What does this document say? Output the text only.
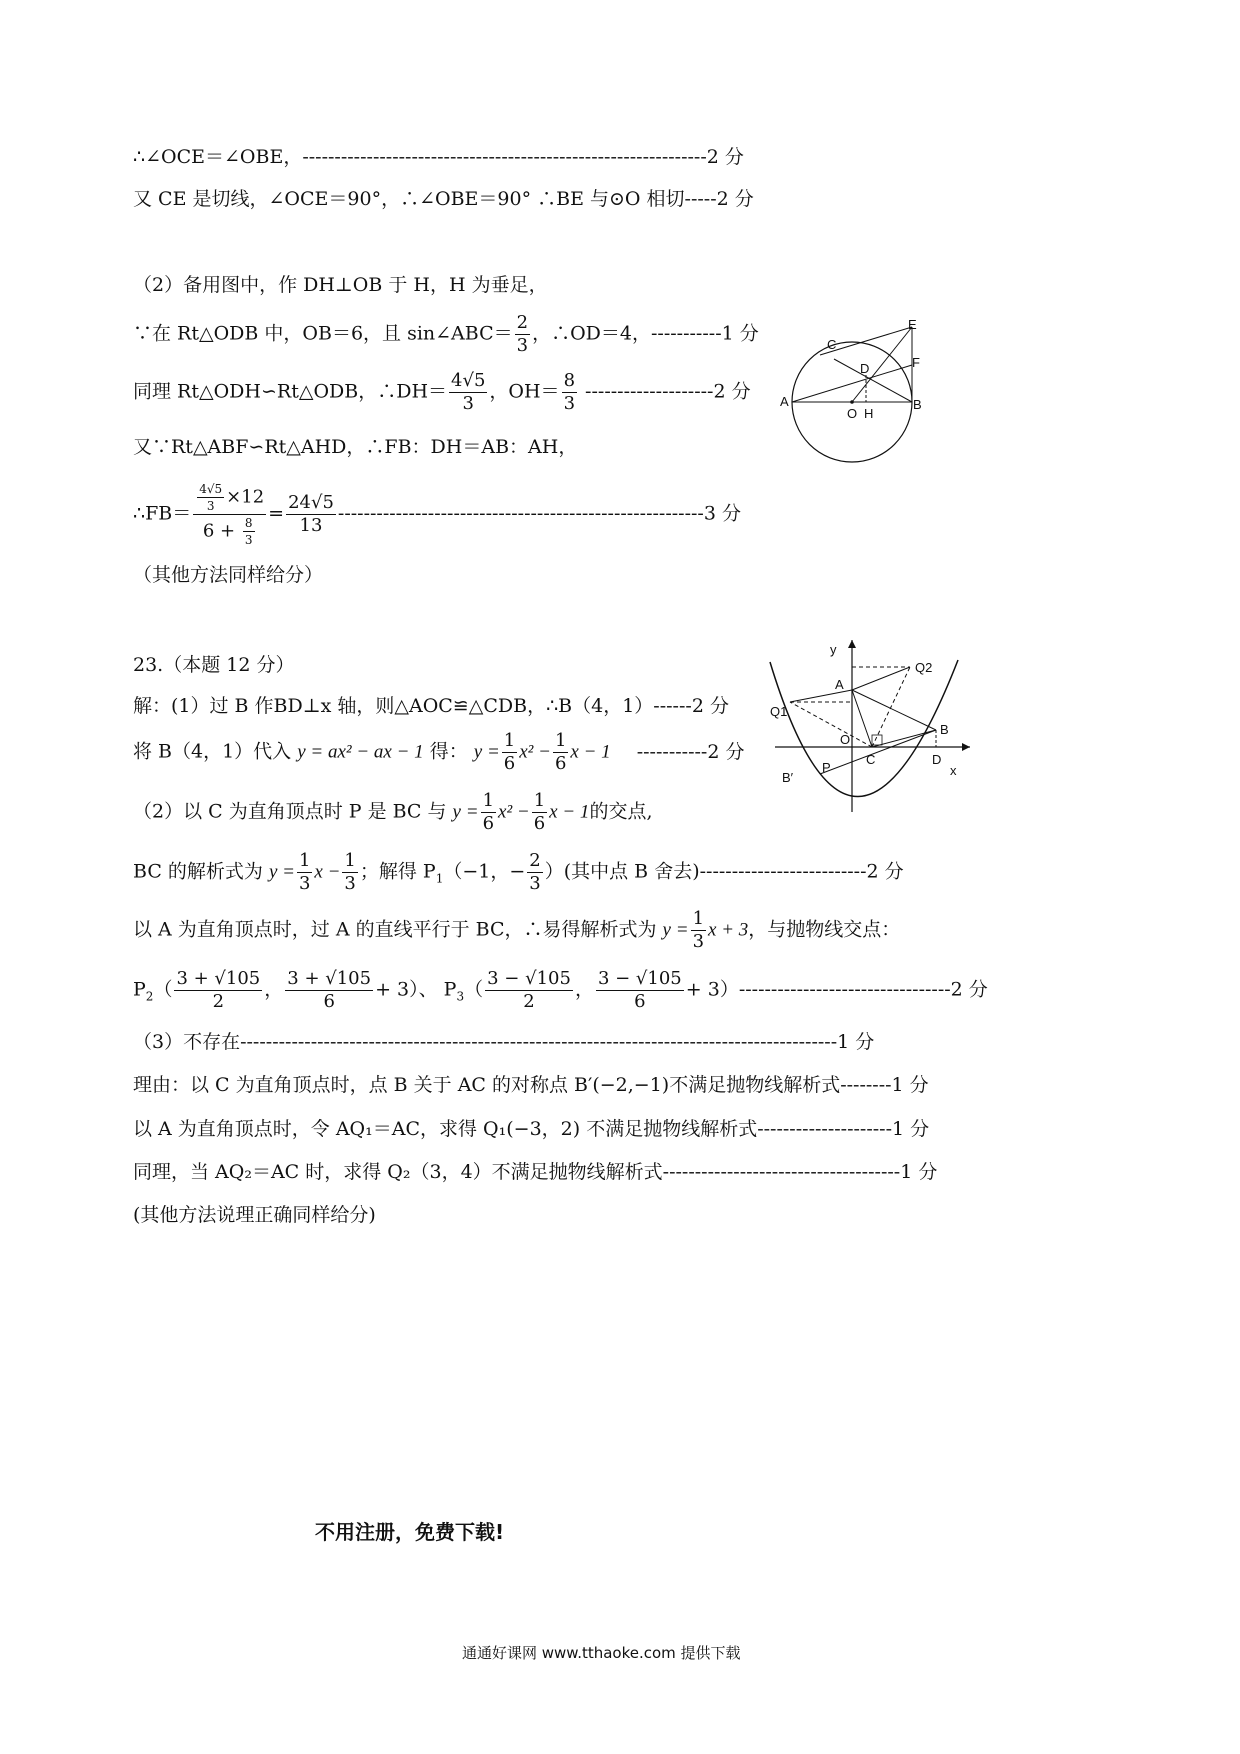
∴∠OCE＝∠OBE，---------------------------------------------------------------2 分
又 CE 是切线，∠OCE＝90°，∴∠OBE＝90° ∴BE 与⊙O 相切-----2 分
（2）备用图中，作 DH⊥OB 于 H，H 为垂足，
∵在 Rt△ODB 中，OB＝6，且 sin∠ABC＝ $\frac{2}{3}$ ，∴OD＝4，-----------1 分
同理 Rt△ODH∽Rt△ODB，∴DH＝ $\frac{4√5}{3}$ ，$OH= \frac{8}{3} --------------------2$ 分
又∵Rt△ABF∽Rt△AHD，∴FB：DH＝AB：AH，
∴FB＝ $\frac{\frac{4√5}{3} \times 12}{6 + \frac{8}{3}} = \frac{24√5}{13} ---------------------------------------------------------3$ 分
（其他方法同样给分）
E
C
D	F
A
O H
B
23.（本题 12 分）
解：(1）过 B 作BD⊥x 轴，则△AOC≌△CDB，∴B（4，1）------2 分
将 B（4，1）代入 y = ax² − ax − 1 得： $y = \frac{1}{6} x^2 - \frac{1}{6}$ x − 1 -----------2 分
（2）以 C 为直角顶点时 P 是 BC 与 $y = \frac{1}{6} x^2 - \frac{1}{6}$ x − 1的交点,
BC 的解析式为 $y = \frac{1}{3}$ $x - \frac{1}{3}$ ；解得 $P_1(-1$，− $\frac{2}{3}$ ）(其中点 B 舍去)--------------------------2 分
以 A 为直角顶点时，过 A 的直线平行于 BC，∴易得解析式为 $y = \frac{1}{3}$ x + 3，与抛物线交点：
$P_2( \frac{3 + √105}{2}$ ， $\frac{3 + √105}{6} + 3$）、 $P_3( \frac{3 - √105}{2}$ ， $\frac{3 - √105}{6} + 3)---------------------------------2$ 分
（3）不存在---------------------------------------------------------------------------------------------1 分
理由：以 C 为直角顶点时，点 B 关于 AC 的对称点 B′(−2,−1)不满足抛物线解析式--------1 分
以 A 为直角顶点时，令 AQ₁＝AC，求得 Q₁(−3，2) 不满足抛物线解析式---------------------1 分
同理，当 AQ₂＝AC 时，求得 Q₂（3，4）不满足抛物线解析式-------------------------------------1 分
(其他方法说理正确同样给分)
y
Q2
A
Q1
B
O
C	D
x
B′
P
不用注册，免费下载!
通通好课网 www.tthaoke.com 提供下载
